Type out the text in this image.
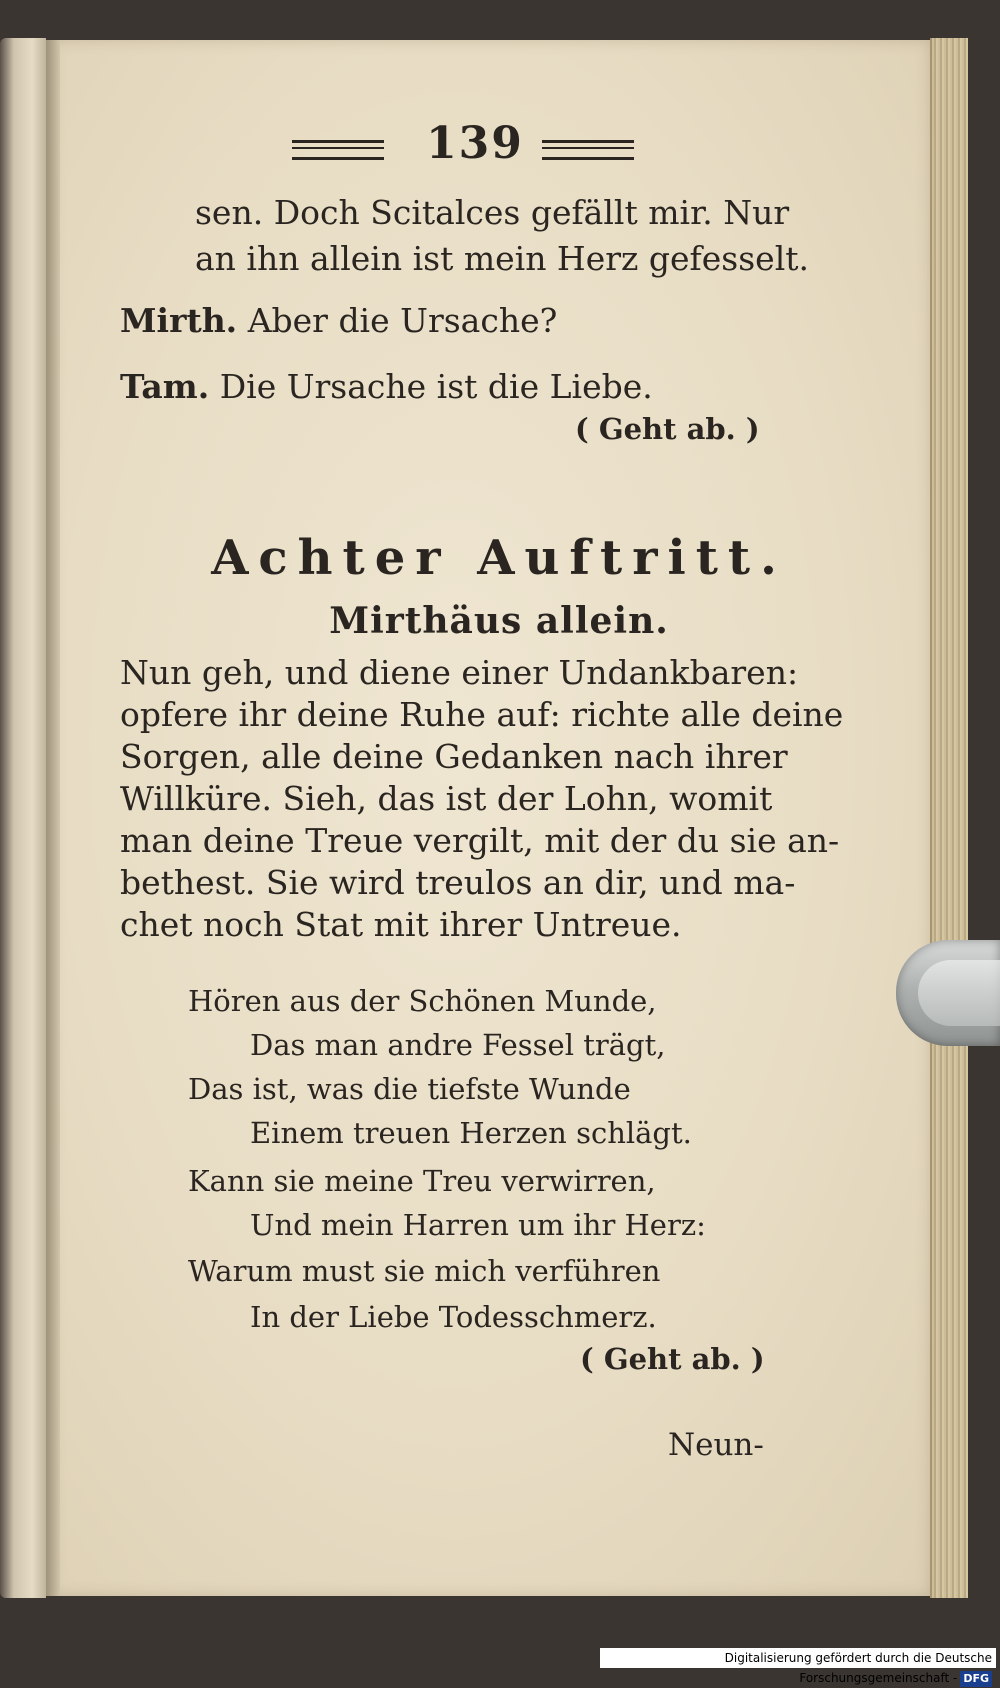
139
sen. Doch Scitalces gefällt mir. Nur
an ihn allein ist mein Herz gefesselt.
Mirth. Aber die Ursache?
Tam. Die Ursache ist die Liebe.
( Geht ab. )
Achter Auftritt.
Mirthäus allein.
Nun geh, und diene einer Undankbaren:
opfere ihr deine Ruhe auf: richte alle deine
Sorgen, alle deine Gedanken nach ihrer
Willküre. Sieh, das ist der Lohn, womit
man deine Treue vergilt, mit der du sie an-
bethest. Sie wird treulos an dir, und ma-
chet noch Stat mit ihrer Untreue.
Hören aus der Schönen Munde,
Das man andre Fessel trägt,
Das ist, was die tiefste Wunde
Einem treuen Herzen schlägt.
Kann sie meine Treu verwirren,
Und mein Harren um ihr Herz:
Warum must sie mich verführen
In der Liebe Todesschmerz.
( Geht ab. )
Neun-
Digitalisierung gefördert durch die Deutsche Forschungsgemeinschaft - DFG
